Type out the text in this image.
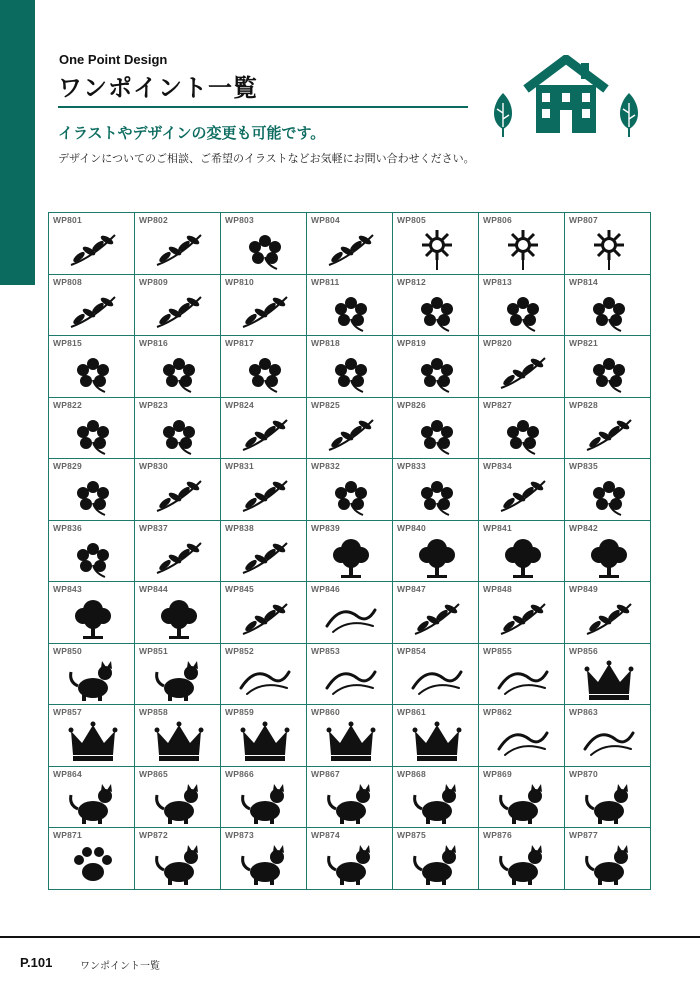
One Point Design
ワンポイント一覧
イラストやデザインの変更も可能です。
デザインについてのご相談、ご希望のイラストなどお気軽にお問い合わせください。
WP801	WP802	WP803	WP804	WP805	WP806	WP807

WP808	WP809	WP810	WP811	WP812	WP813	WP814

WP815	WP816	WP817	WP818	WP819	WP820	WP821

WP822	WP823	WP824	WP825	WP826	WP827	WP828

WP829	WP830	WP831	WP832	WP833	WP834	WP835

WP836	WP837	WP838	WP839	WP840	WP841	WP842

WP843	WP844	WP845	WP846	WP847	WP848	WP849

WP850	WP851	WP852	WP853	WP854	WP855	WP856

WP857	WP858	WP859	WP860	WP861	WP862	WP863

WP864	WP865	WP866	WP867	WP868	WP869	WP870

WP871	WP872	WP873	WP874	WP875	WP876	WP877
P.101	ワンポイント一覧
